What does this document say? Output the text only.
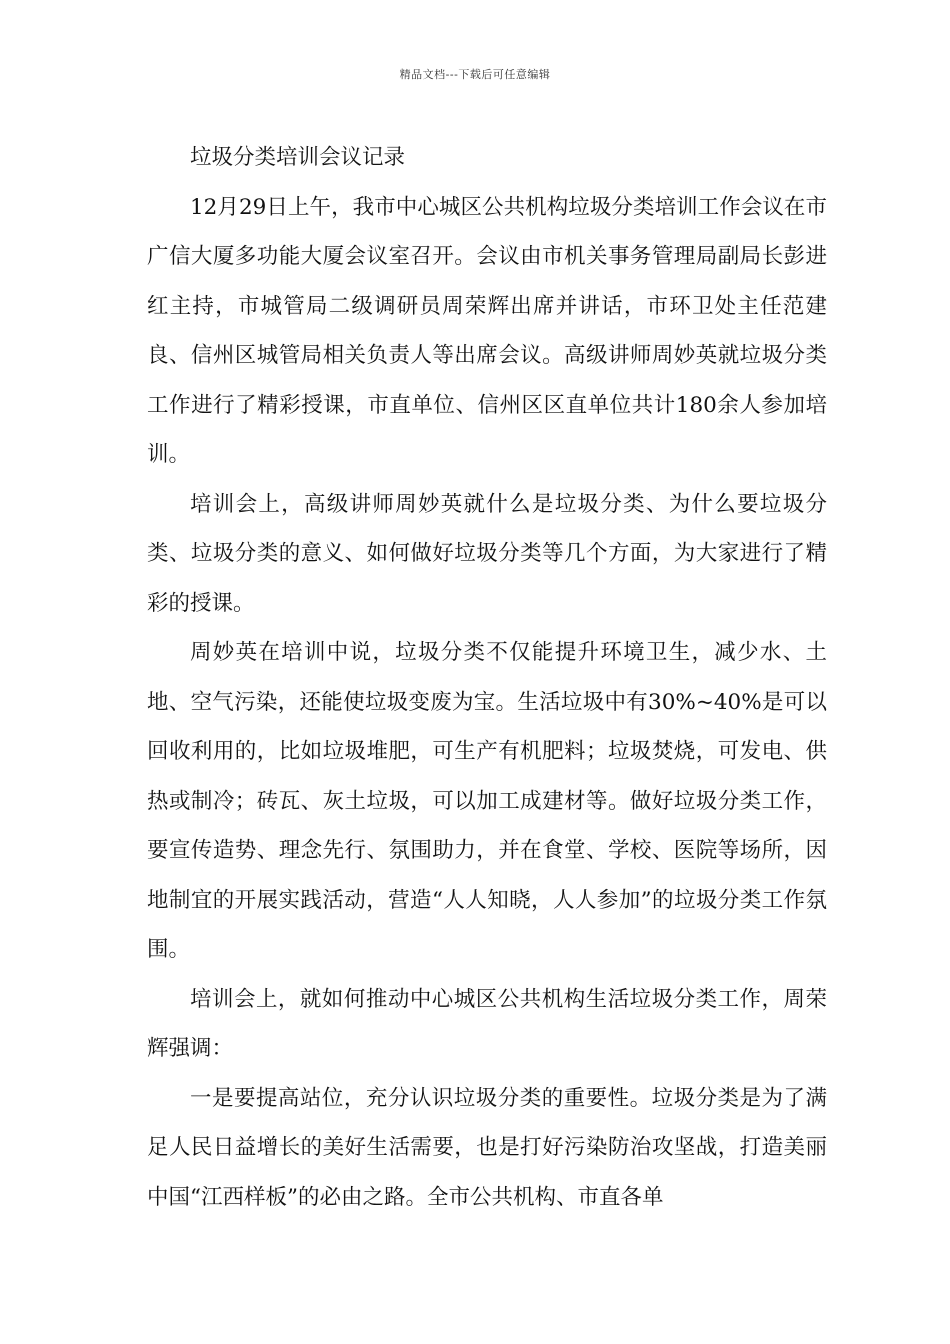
精品文档---下载后可任意编辑

垃圾分类培训会议记录

12月29日上午，我市中心城区公共机构垃圾分类培训工作会议在市广信大厦多功能大厦会议室召开。会议由市机关事务管理局副局长彭进红主持，市城管局二级调研员周荣辉出席并讲话，市环卫处主任范建良、信州区城管局相关负责人等出席会议。高级讲师周妙英就垃圾分类工作进行了精彩授课，市直单位、信州区区直单位共计180余人参加培训。

培训会上，高级讲师周妙英就什么是垃圾分类、为什么要垃圾分类、垃圾分类的意义、如何做好垃圾分类等几个方面，为大家进行了精彩的授课。

周妙英在培训中说，垃圾分类不仅能提升环境卫生，减少水、土地、空气污染，还能使垃圾变废为宝。生活垃圾中有30%~40%是可以回收利用的，比如垃圾堆肥，可生产有机肥料；垃圾焚烧，可发电、供热或制冷；砖瓦、灰土垃圾，可以加工成建材等。做好垃圾分类工作，要宣传造势、理念先行、氛围助力，并在食堂、学校、医院等场所，因地制宜的开展实践活动，营造“人人知晓，人人参加”的垃圾分类工作氛围。

培训会上，就如何推动中心城区公共机构生活垃圾分类工作，周荣辉强调：

一是要提高站位，充分认识垃圾分类的重要性。垃圾分类是为了满足人民日益增长的美好生活需要，也是打好污染防治攻坚战，打造美丽中国“江西样板”的必由之路。全市公共机构、市直各单
